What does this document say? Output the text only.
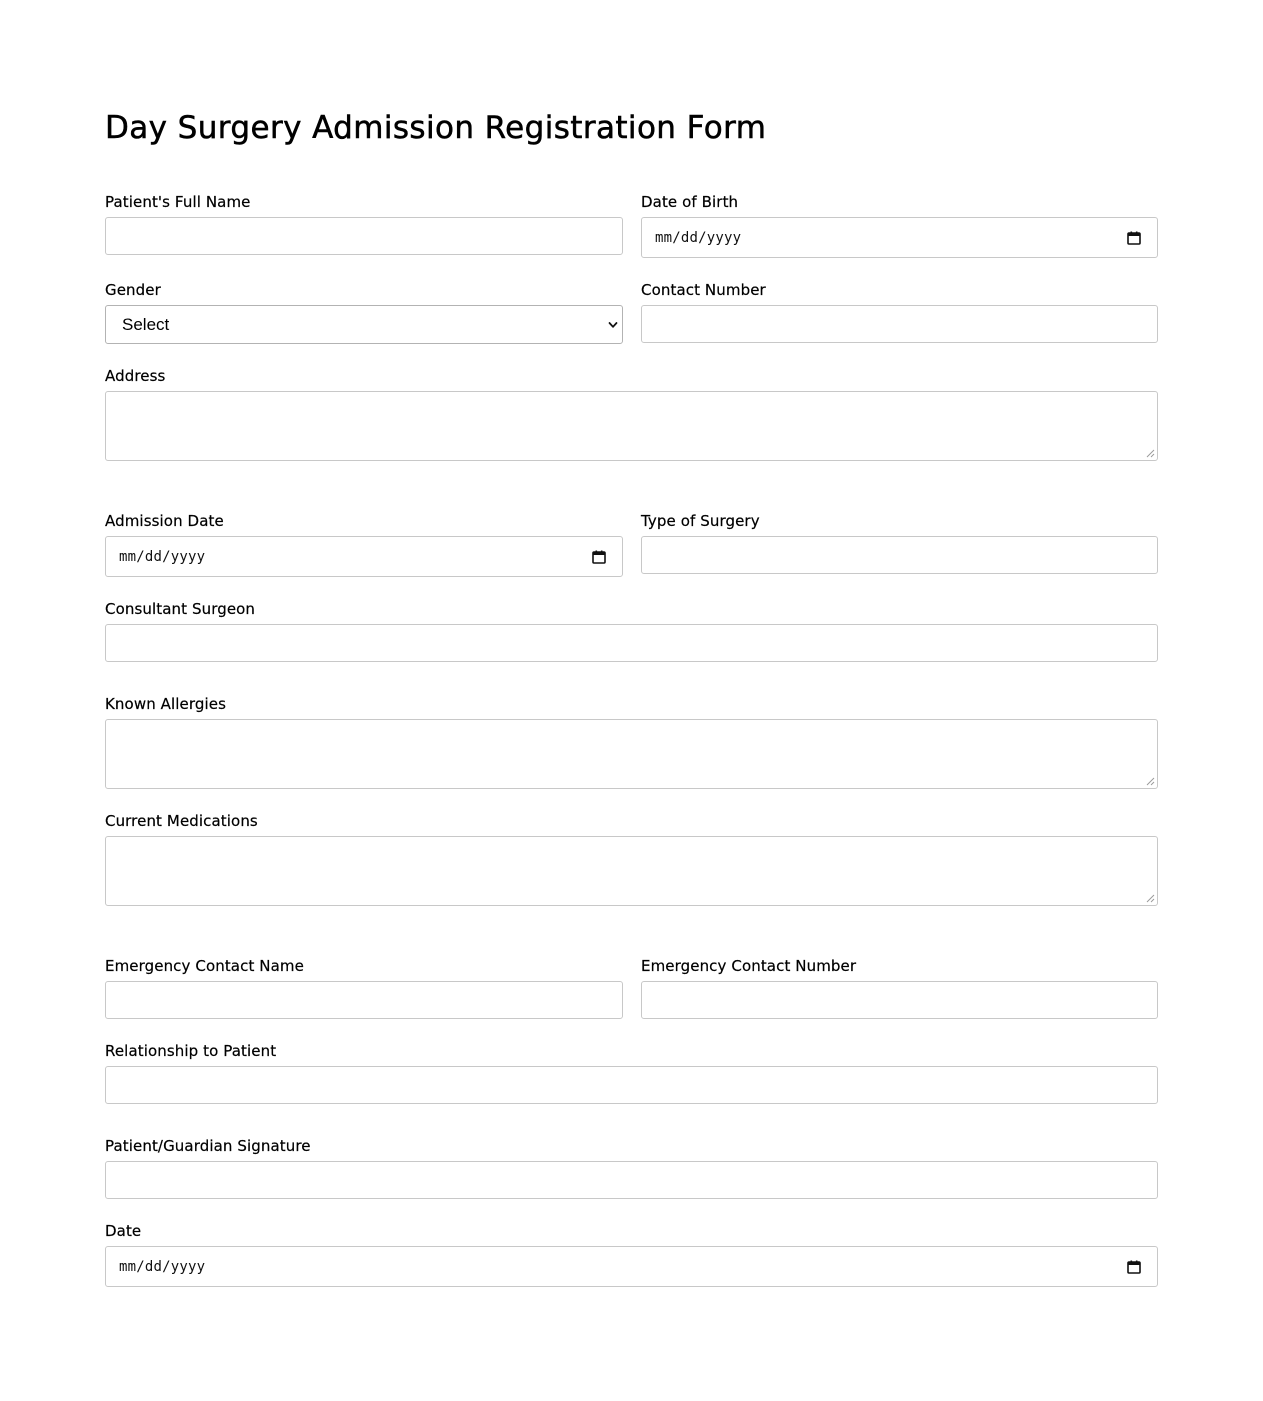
Day Surgery Admission Registration Form
Patient's Full Name	Date of Birth
mm/dd/yyyy
Gender
Select
Contact Number
Address
Admission Date
mm/dd/yyyy
Type of Surgery
Consultant Surgeon
Known Allergies
Current Medications
Emergency Contact Name	Emergency Contact Number
Relationship to Patient
Patient/Guardian Signature
Date
mm/dd/yyyy
